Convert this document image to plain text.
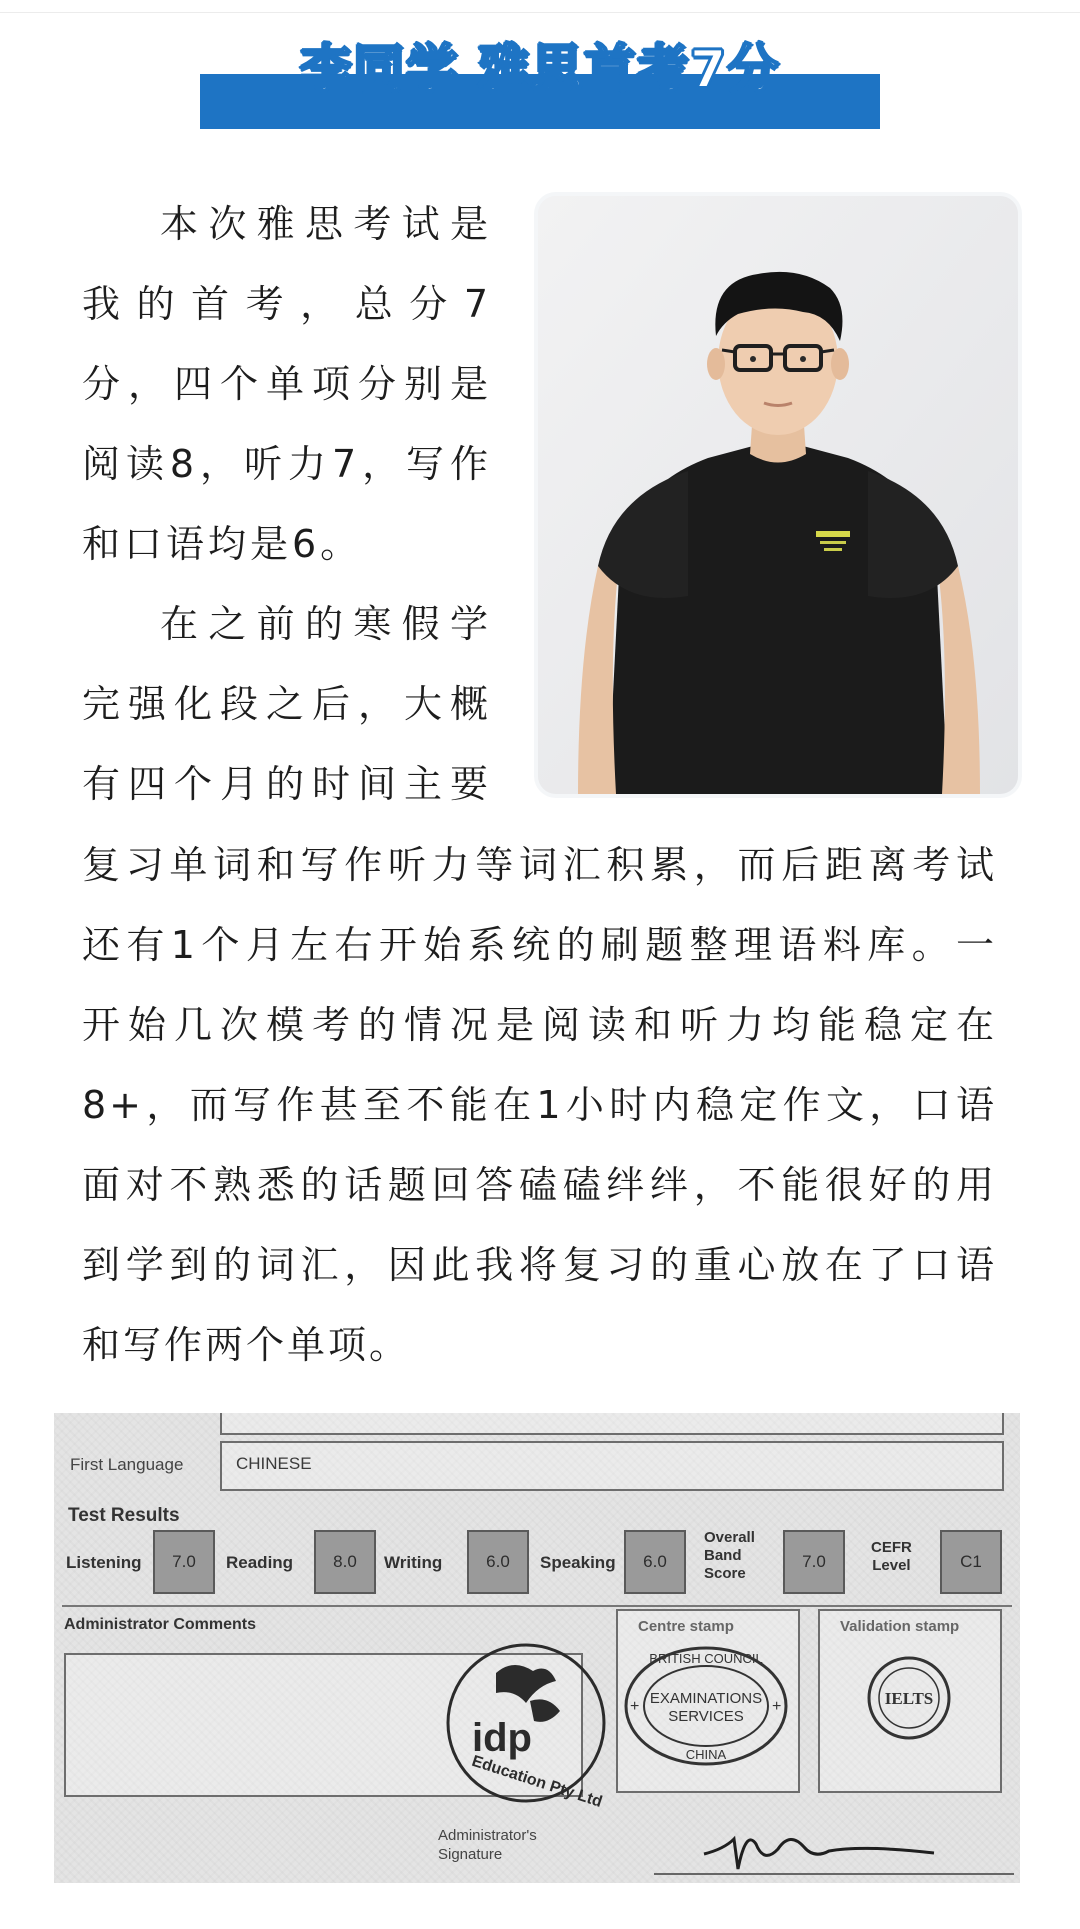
李同学 雅思首考7分
本次雅思考试是
我的首考，总分7
分，四个单项分别是
阅读8，听力7，写作
和口语均是6。
在之前的寒假学
完强化段之后，大概
有四个月的时间主要
复习单词和写作听力等词汇积累，而后距离考试
还有1个月左右开始系统的刷题整理语料库。一
开始几次模考的情况是阅读和听力均能稳定在
8+，而写作甚至不能在1小时内稳定作文，口语
面对不熟悉的话题回答磕磕绊绊，不能很好的用
到学到的词汇，因此我将复习的重心放在了口语
和写作两个单项。
First Language	CHINESE
Test Results
Listening	7.0	Reading	8.0	Writing	6.0	Speaking	6.0
Overall
Band
Score
7.0
CEFR
Level	C1
Administrator Comments
idp
Education Pty Ltd
Centre stamp
BRITISH COUNCIL
EXAMINATIONS
SERVICES
CHINA
+	+
Validation stamp
IELTS
Administrator's
Signature
